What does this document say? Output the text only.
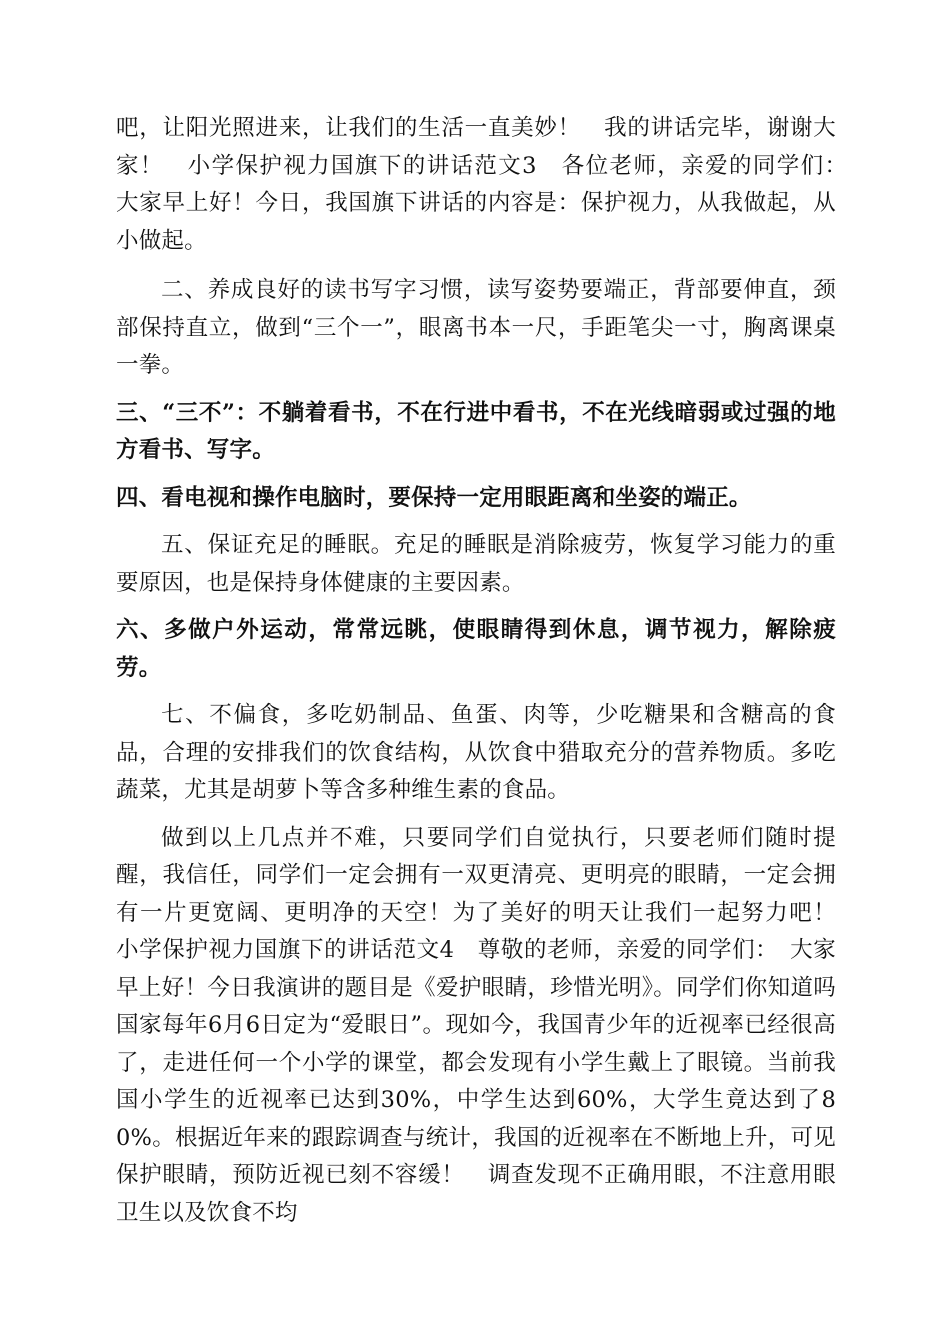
吧，让阳光照进来，让我们的生活一直美妙！　我的讲话完毕，谢谢大家！　小学保护视力国旗下的讲话范文3　各位老师，亲爱的同学们：　大家早上好！今日，我国旗下讲话的内容是：保护视力，从我做起，从小做起。

二、养成良好的读书写字习惯，读写姿势要端正，背部要伸直，颈部保持直立，做到“三个一”，眼离书本一尺，手距笔尖一寸，胸离课桌一拳。

三、“三不”：不躺着看书，不在行进中看书，不在光线暗弱或过强的地方看书、写字。

四、看电视和操作电脑时，要保持一定用眼距离和坐姿的端正。

五、保证充足的睡眠。充足的睡眠是消除疲劳，恢复学习能力的重要原因，也是保持身体健康的主要因素。

六、多做户外运动，常常远眺，使眼睛得到休息，调节视力，解除疲劳。

七、不偏食，多吃奶制品、鱼蛋、肉等，少吃糖果和含糖高的食品，合理的安排我们的饮食结构，从饮食中猎取充分的营养物质。多吃蔬菜，尤其是胡萝卜等含多种维生素的食品。

做到以上几点并不难，只要同学们自觉执行，只要老师们随时提醒，我信任，同学们一定会拥有一双更清亮、更明亮的眼睛，一定会拥有一片更宽阔、更明净的天空！为了美好的明天让我们一起努力吧！　小学保护视力国旗下的讲话范文4　尊敬的老师，亲爱的同学们：　大家早上好！今日我演讲的题目是《爱护眼睛，珍惜光明》。同学们你知道吗国家每年6月6日定为“爱眼日”。现如今，我国青少年的近视率已经很高了，走进任何一个小学的课堂，都会发现有小学生戴上了眼镜。当前我国小学生的近视率已达到30%，中学生达到60%，大学生竟达到了80%。根据近年来的跟踪调查与统计，我国的近视率在不断地上升，可见保护眼睛，预防近视已刻不容缓！　调查发现不正确用眼，不注意用眼卫生以及饮食不均
